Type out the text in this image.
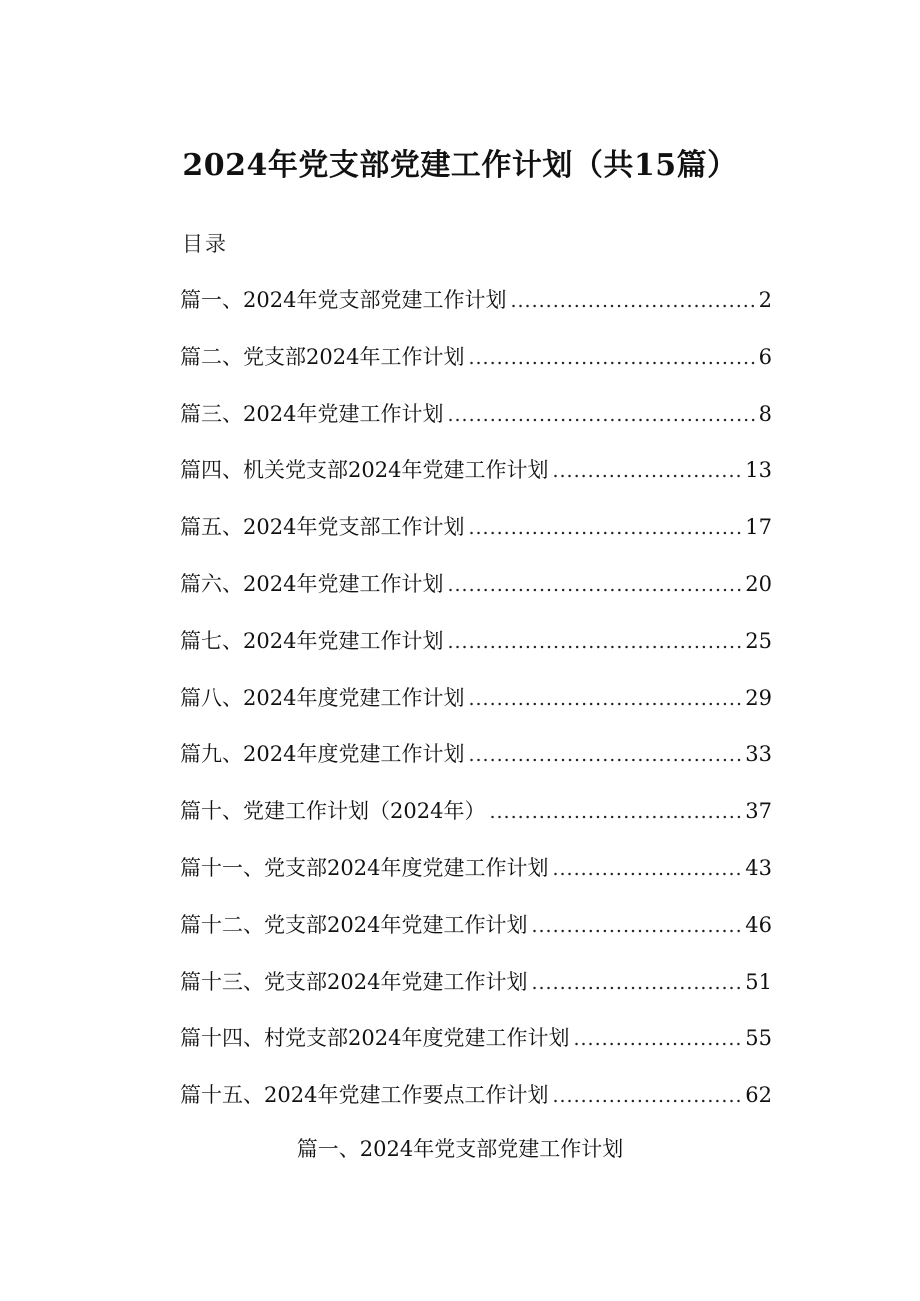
2024年党支部党建工作计划（共15篇）
目录
篇一、2024年党支部党建工作计划 .....	2
篇二、党支部2024年工作计划 .....	6
篇三、2024年党建工作计划 .....	8
篇四、机关党支部2024年党建工作计划 .....	13
篇五、2024年党支部工作计划 .....	17
篇六、2024年党建工作计划 .....	20
篇七、2024年党建工作计划 .....	25
篇八、2024年度党建工作计划 .....	29
篇九、2024年度党建工作计划 .....	33
篇十、党建工作计划（2024年） .....	37
篇十一、党支部2024年度党建工作计划 .....	43
篇十二、党支部2024年党建工作计划 .....	46
篇十三、党支部2024年党建工作计划 .....	51
篇十四、村党支部2024年度党建工作计划 .....	55
篇十五、2024年党建工作要点工作计划 .....	62
篇一、2024年党支部党建工作计划
